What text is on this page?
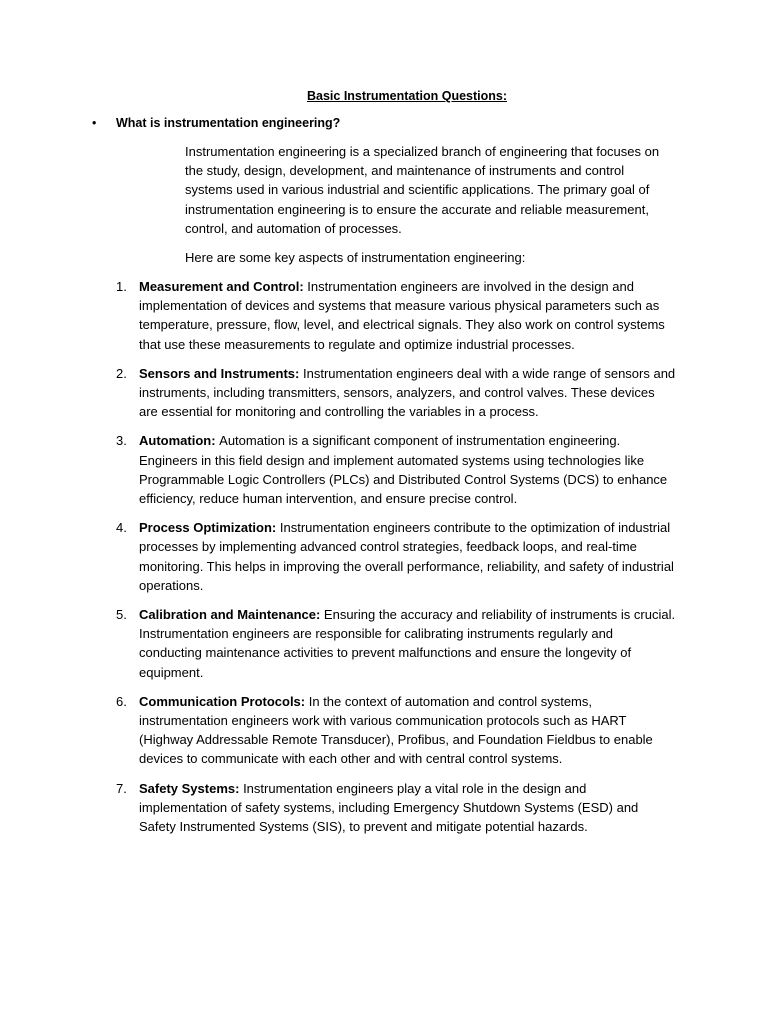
Basic Instrumentation Questions:
•	What is instrumentation engineering?

Instrumentation engineering is a specialized branch of engineering that focuses on the study, design, development, and maintenance of instruments and control systems used in various industrial and scientific applications. The primary goal of instrumentation engineering is to ensure the accurate and reliable measurement, control, and automation of processes.

Here are some key aspects of instrumentation engineering:

1. Measurement and Control: Instrumentation engineers are involved in the design and implementation of devices and systems that measure various physical parameters such as temperature, pressure, flow, level, and electrical signals. They also work on control systems that use these measurements to regulate and optimize industrial processes.
2. Sensors and Instruments: Instrumentation engineers deal with a wide range of sensors and instruments, including transmitters, sensors, analyzers, and control valves. These devices are essential for monitoring and controlling the variables in a process.
3. Automation: Automation is a significant component of instrumentation engineering. Engineers in this field design and implement automated systems using technologies like Programmable Logic Controllers (PLCs) and Distributed Control Systems (DCS) to enhance efficiency, reduce human intervention, and ensure precise control.
4. Process Optimization: Instrumentation engineers contribute to the optimization of industrial processes by implementing advanced control strategies, feedback loops, and real-time monitoring. This helps in improving the overall performance, reliability, and safety of industrial operations.
5. Calibration and Maintenance: Ensuring the accuracy and reliability of instruments is crucial. Instrumentation engineers are responsible for calibrating instruments regularly and conducting maintenance activities to prevent malfunctions and ensure the longevity of equipment.
6. Communication Protocols: In the context of automation and control systems, instrumentation engineers work with various communication protocols such as HART (Highway Addressable Remote Transducer), Profibus, and Foundation Fieldbus to enable devices to communicate with each other and with central control systems.
7. Safety Systems: Instrumentation engineers play a vital role in the design and implementation of safety systems, including Emergency Shutdown Systems (ESD) and Safety Instrumented Systems (SIS), to prevent and mitigate potential hazards.
